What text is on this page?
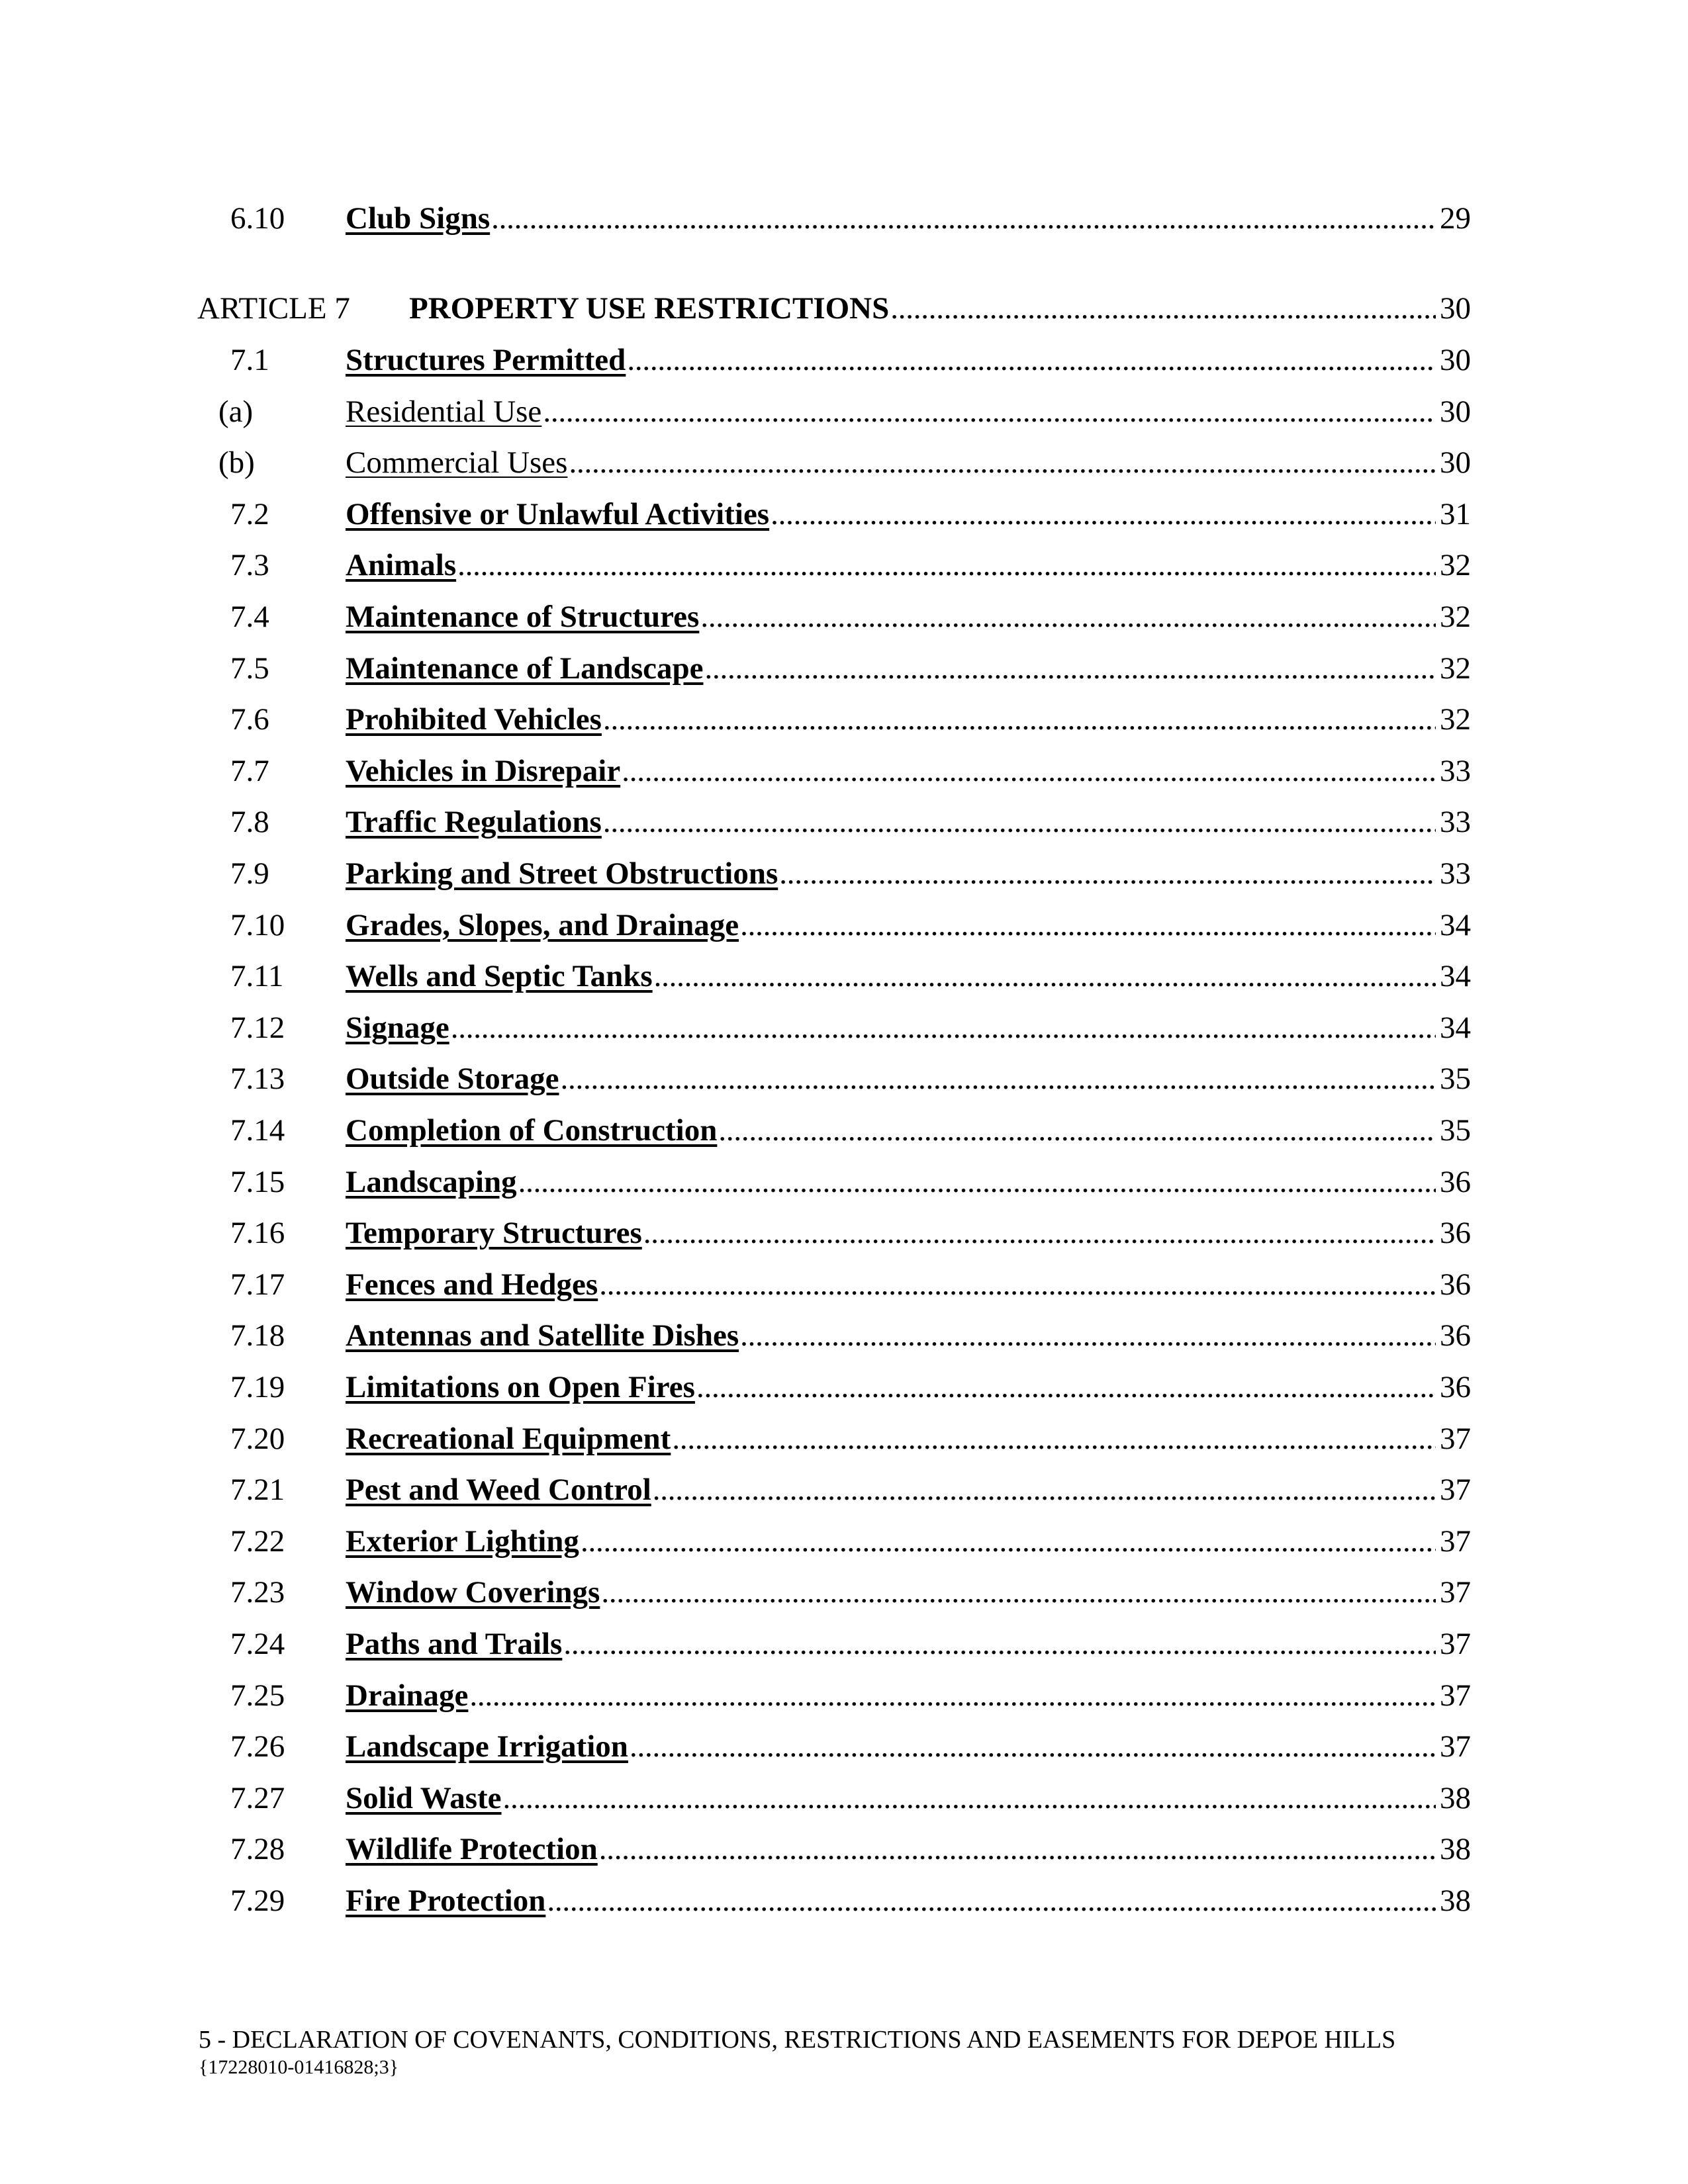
6.10	Club Signs . . .	29
ARTICLE 7	PROPERTY USE RESTRICTIONS . . .	30
7.1	Structures Permitted . . .	30
(a)	Residential Use . . .	30
(b)	Commercial Uses . . .	30
7.2	Offensive or Unlawful Activities . . .	31
7.3	Animals . . .	32
7.4	Maintenance of Structures . . .	32
7.5	Maintenance of Landscape . . .	32
7.6	Prohibited Vehicles . . .	32
7.7	Vehicles in Disrepair . . .	33
7.8	Traffic Regulations . . .	33
7.9	Parking and Street Obstructions . . .	33
7.10	Grades, Slopes, and Drainage . . .	34
7.11	Wells and Septic Tanks . . .	34
7.12	Signage . . .	34
7.13	Outside Storage . . .	35
7.14	Completion of Construction . . .	35
7.15	Landscaping . . .	36
7.16	Temporary Structures . . .	36
7.17	Fences and Hedges . . .	36
7.18	Antennas and Satellite Dishes . . .	36
7.19	Limitations on Open Fires . . .	36
7.20	Recreational Equipment . . .	37
7.21	Pest and Weed Control . . .	37
7.22	Exterior Lighting . . .	37
7.23	Window Coverings . . .	37
7.24	Paths and Trails . . .	37
7.25	Drainage . . .	37
7.26	Landscape Irrigation . . .	37
7.27	Solid Waste . . .	38
7.28	Wildlife Protection . . .	38
7.29	Fire Protection . . .	38
5 - DECLARATION OF COVENANTS, CONDITIONS, RESTRICTIONS AND EASEMENTS FOR DEPOE HILLS
{17228010-01416828;3}
